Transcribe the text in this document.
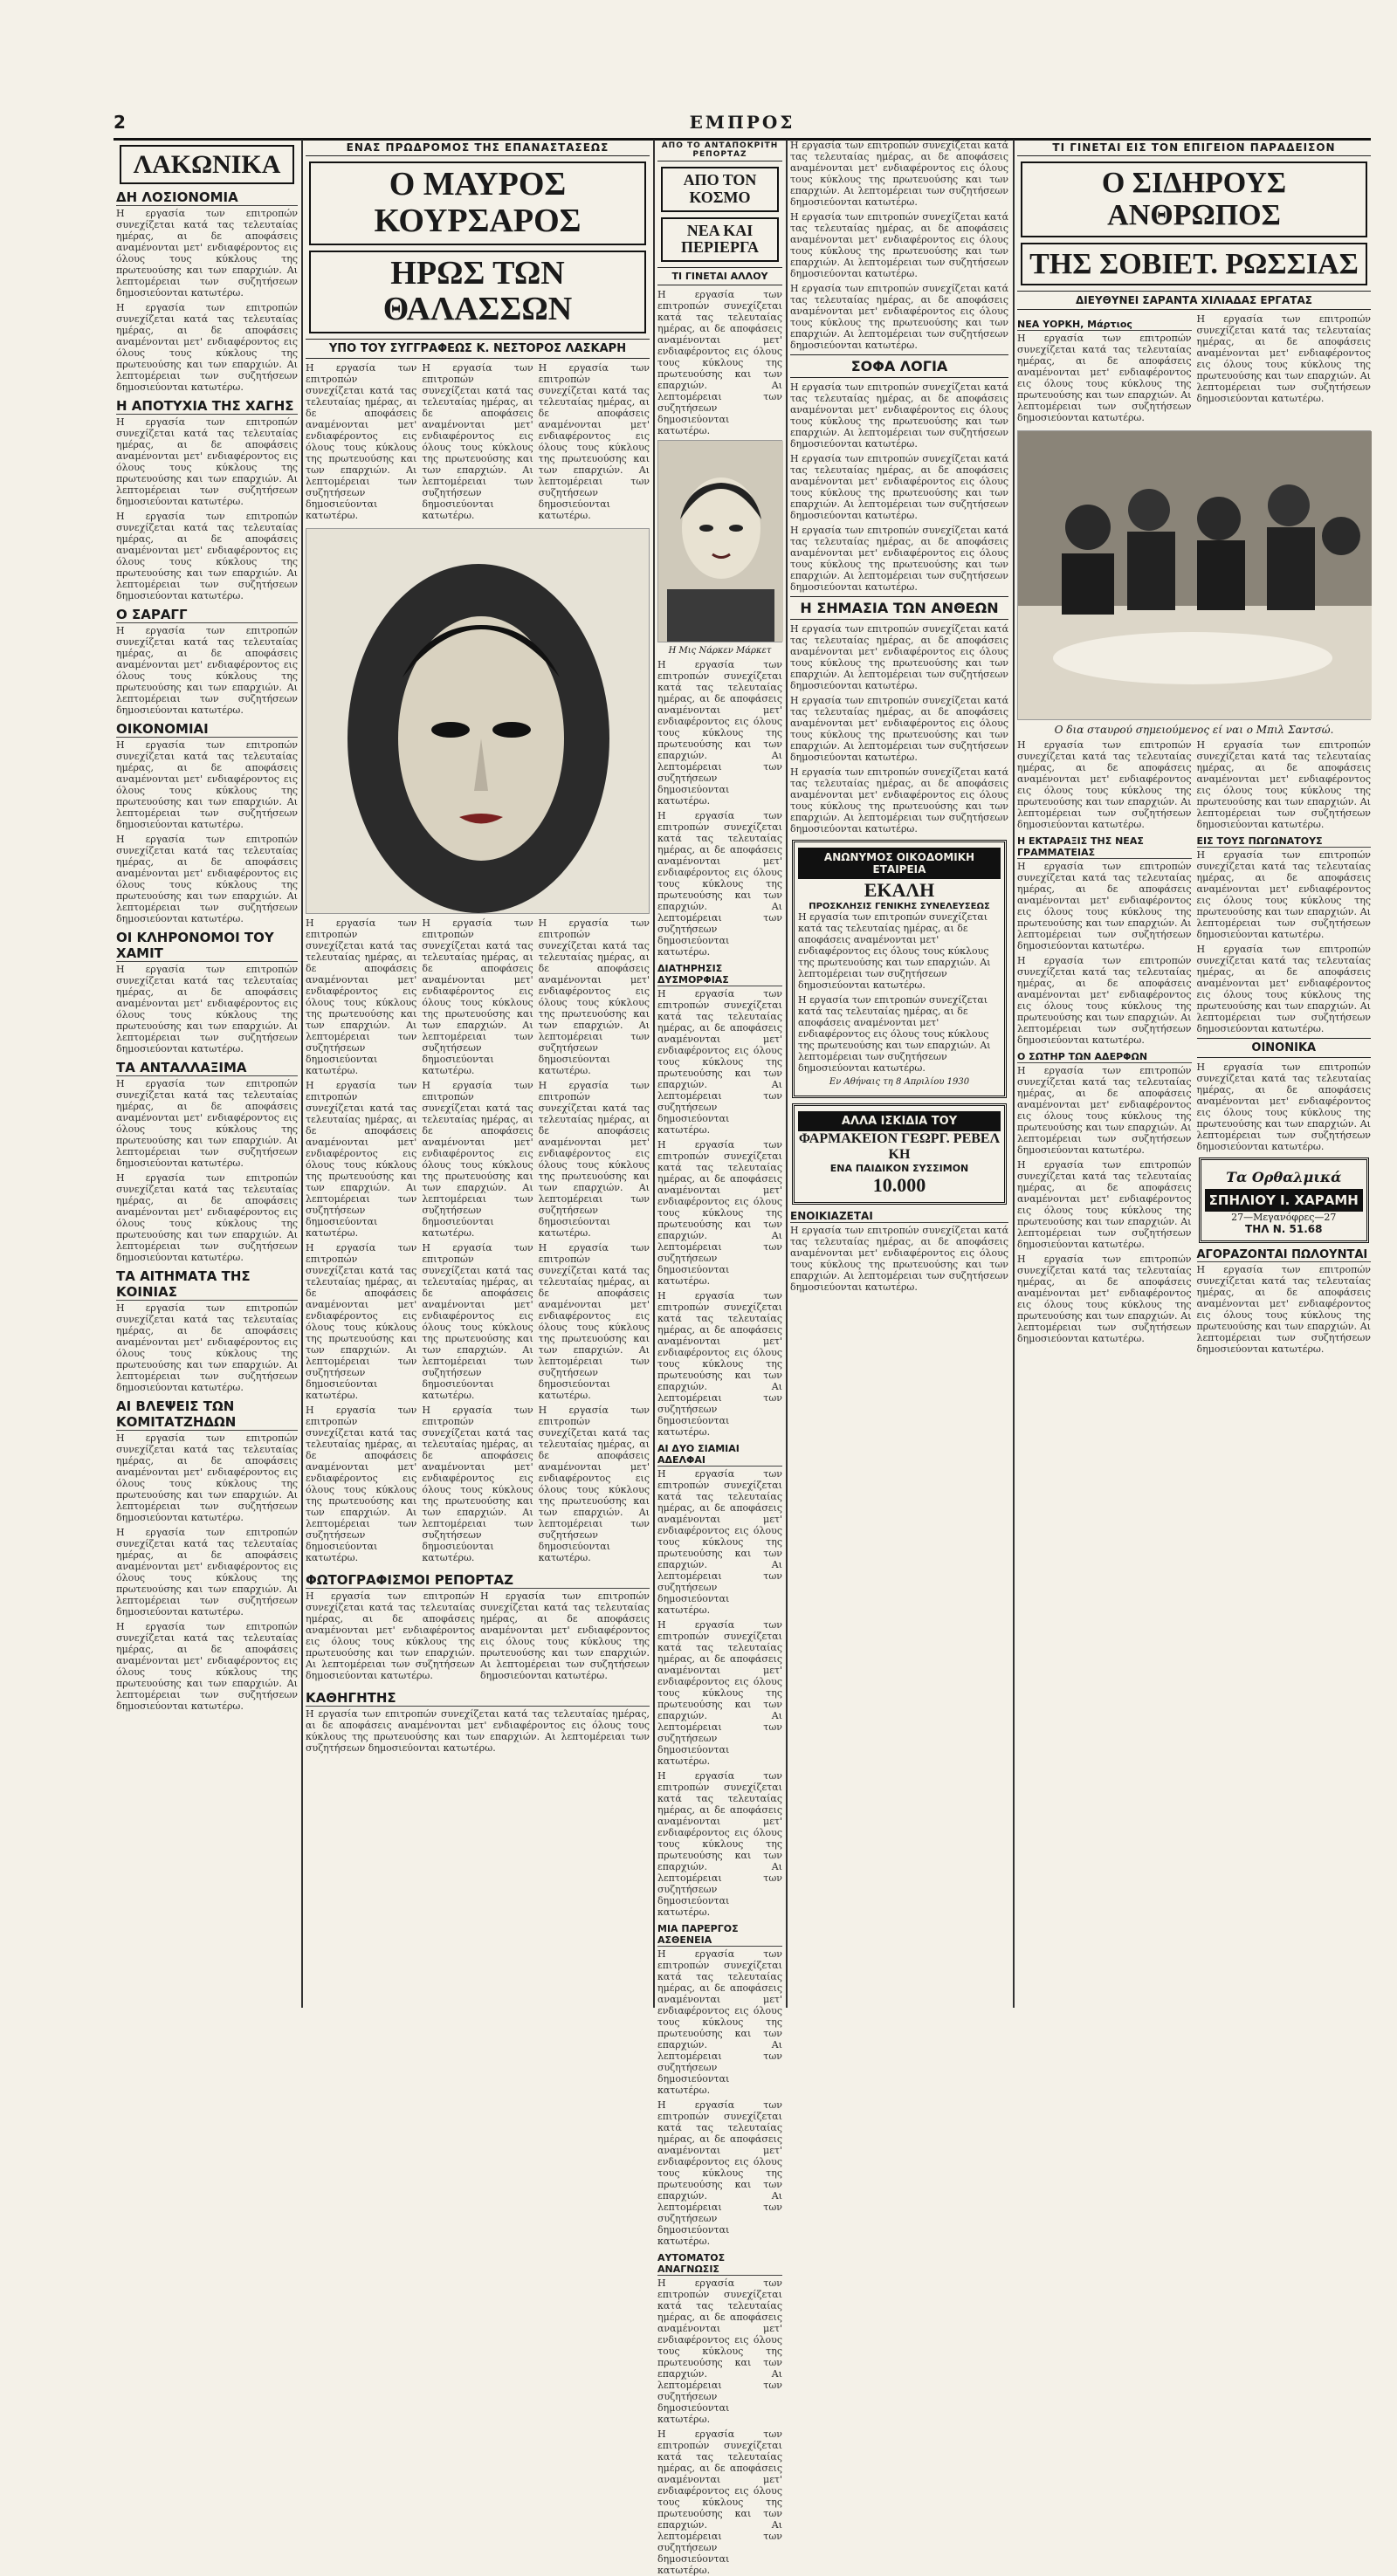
2	ΕΜΠΡΟΣ
ΛΑΚΩΝΙΚΑ
ΔΗ ΛΟΣΙΟΝΟΜΙΑ

Η εργασία των επιτροπών συνεχίζεται κατά τας τελευταίας ημέρας, αι δε αποφάσεις αναμένονται μετ' ενδιαφέροντος εις όλους τους κύκλους της πρωτευούσης και των επαρχιών. Αι λεπτομέρειαι των συζητήσεων δημοσιεύονται κατωτέρω.

Η εργασία των επιτροπών συνεχίζεται κατά τας τελευταίας ημέρας, αι δε αποφάσεις αναμένονται μετ' ενδιαφέροντος εις όλους τους κύκλους της πρωτευούσης και των επαρχιών. Αι λεπτομέρειαι των συζητήσεων δημοσιεύονται κατωτέρω.

Η ΑΠΟΤΥΧΙΑ ΤΗΣ ΧΑΓΗΣ

Η εργασία των επιτροπών συνεχίζεται κατά τας τελευταίας ημέρας, αι δε αποφάσεις αναμένονται μετ' ενδιαφέροντος εις όλους τους κύκλους της πρωτευούσης και των επαρχιών. Αι λεπτομέρειαι των συζητήσεων δημοσιεύονται κατωτέρω.

Η εργασία των επιτροπών συνεχίζεται κατά τας τελευταίας ημέρας, αι δε αποφάσεις αναμένονται μετ' ενδιαφέροντος εις όλους τους κύκλους της πρωτευούσης και των επαρχιών. Αι λεπτομέρειαι των συζητήσεων δημοσιεύονται κατωτέρω.

Ο ΣΑΡΑΓΓ

Η εργασία των επιτροπών συνεχίζεται κατά τας τελευταίας ημέρας, αι δε αποφάσεις αναμένονται μετ' ενδιαφέροντος εις όλους τους κύκλους της πρωτευούσης και των επαρχιών. Αι λεπτομέρειαι των συζητήσεων δημοσιεύονται κατωτέρω.

ΟΙΚΟΝΟΜΙΑΙ

Η εργασία των επιτροπών συνεχίζεται κατά τας τελευταίας ημέρας, αι δε αποφάσεις αναμένονται μετ' ενδιαφέροντος εις όλους τους κύκλους της πρωτευούσης και των επαρχιών. Αι λεπτομέρειαι των συζητήσεων δημοσιεύονται κατωτέρω.

Η εργασία των επιτροπών συνεχίζεται κατά τας τελευταίας ημέρας, αι δε αποφάσεις αναμένονται μετ' ενδιαφέροντος εις όλους τους κύκλους της πρωτευούσης και των επαρχιών. Αι λεπτομέρειαι των συζητήσεων δημοσιεύονται κατωτέρω.

ΟΙ ΚΛΗΡΟΝΟΜΟΙ ΤΟΥ ΧΑΜΙΤ

Η εργασία των επιτροπών συνεχίζεται κατά τας τελευταίας ημέρας, αι δε αποφάσεις αναμένονται μετ' ενδιαφέροντος εις όλους τους κύκλους της πρωτευούσης και των επαρχιών. Αι λεπτομέρειαι των συζητήσεων δημοσιεύονται κατωτέρω.

ΤΑ ΑΝΤΑΛΛΑΞΙΜΑ

Η εργασία των επιτροπών συνεχίζεται κατά τας τελευταίας ημέρας, αι δε αποφάσεις αναμένονται μετ' ενδιαφέροντος εις όλους τους κύκλους της πρωτευούσης και των επαρχιών. Αι λεπτομέρειαι των συζητήσεων δημοσιεύονται κατωτέρω.

Η εργασία των επιτροπών συνεχίζεται κατά τας τελευταίας ημέρας, αι δε αποφάσεις αναμένονται μετ' ενδιαφέροντος εις όλους τους κύκλους της πρωτευούσης και των επαρχιών. Αι λεπτομέρειαι των συζητήσεων δημοσιεύονται κατωτέρω.

ΤΑ ΑΙΤΗΜΑΤΑ ΤΗΣ ΚΟΙΝΙΑΣ

Η εργασία των επιτροπών συνεχίζεται κατά τας τελευταίας ημέρας, αι δε αποφάσεις αναμένονται μετ' ενδιαφέροντος εις όλους τους κύκλους της πρωτευούσης και των επαρχιών. Αι λεπτομέρειαι των συζητήσεων δημοσιεύονται κατωτέρω.

ΑΙ ΒΛΕΨΕΙΣ ΤΩΝ ΚΟΜΙΤΑΤΖΗΔΩΝ

Η εργασία των επιτροπών συνεχίζεται κατά τας τελευταίας ημέρας, αι δε αποφάσεις αναμένονται μετ' ενδιαφέροντος εις όλους τους κύκλους της πρωτευούσης και των επαρχιών. Αι λεπτομέρειαι των συζητήσεων δημοσιεύονται κατωτέρω.

Η εργασία των επιτροπών συνεχίζεται κατά τας τελευταίας ημέρας, αι δε αποφάσεις αναμένονται μετ' ενδιαφέροντος εις όλους τους κύκλους της πρωτευούσης και των επαρχιών. Αι λεπτομέρειαι των συζητήσεων δημοσιεύονται κατωτέρω.

Η εργασία των επιτροπών συνεχίζεται κατά τας τελευταίας ημέρας, αι δε αποφάσεις αναμένονται μετ' ενδιαφέροντος εις όλους τους κύκλους της πρωτευούσης και των επαρχιών. Αι λεπτομέρειαι των συζητήσεων δημοσιεύονται κατωτέρω.

ΕΝΑΣ ΠΡΩΔΡΟΜΟΣ ΤΗΣ ΕΠΑΝΑΣΤΑΣΕΩΣ
Ο ΜΑΥΡΟΣ ΚΟΥΡΣΑΡΟΣ
ΗΡΩΣ ΤΩΝ ΘΑΛΑΣΣΩΝ
ΥΠΟ ΤΟΥ ΣΥΓΓΡΑΦΕΩΣ Κ. ΝΕΣΤΟΡΟΣ ΛΑΣΚΑΡΗ

Η εργασία των επιτροπών συνεχίζεται κατά τας τελευταίας ημέρας, αι δε αποφάσεις αναμένονται μετ' ενδιαφέροντος εις όλους τους κύκλους της πρωτευούσης και των επαρχιών. Αι λεπτομέρειαι των συζητήσεων δημοσιεύονται κατωτέρω.

Η εργασία των επιτροπών συνεχίζεται κατά τας τελευταίας ημέρας, αι δε αποφάσεις αναμένονται μετ' ενδιαφέροντος εις όλους τους κύκλους της πρωτευούσης και των επαρχιών. Αι λεπτομέρειαι των συζητήσεων δημοσιεύονται κατωτέρω.

Η εργασία των επιτροπών συνεχίζεται κατά τας τελευταίας ημέρας, αι δε αποφάσεις αναμένονται μετ' ενδιαφέροντος εις όλους τους κύκλους της πρωτευούσης και των επαρχιών. Αι λεπτομέρειαι των συζητήσεων δημοσιεύονται κατωτέρω.

Η εργασία των επιτροπών συνεχίζεται κατά τας τελευταίας ημέρας, αι δε αποφάσεις αναμένονται μετ' ενδιαφέροντος εις όλους τους κύκλους της πρωτευούσης και των επαρχιών. Αι λεπτομέρειαι των συζητήσεων δημοσιεύονται κατωτέρω.

Η εργασία των επιτροπών συνεχίζεται κατά τας τελευταίας ημέρας, αι δε αποφάσεις αναμένονται μετ' ενδιαφέροντος εις όλους τους κύκλους της πρωτευούσης και των επαρχιών. Αι λεπτομέρειαι των συζητήσεων δημοσιεύονται κατωτέρω.

Η εργασία των επιτροπών συνεχίζεται κατά τας τελευταίας ημέρας, αι δε αποφάσεις αναμένονται μετ' ενδιαφέροντος εις όλους τους κύκλους της πρωτευούσης και των επαρχιών. Αι λεπτομέρειαι των συζητήσεων δημοσιεύονται κατωτέρω.

Η εργασία των επιτροπών συνεχίζεται κατά τας τελευταίας ημέρας, αι δε αποφάσεις αναμένονται μετ' ενδιαφέροντος εις όλους τους κύκλους της πρωτευούσης και των επαρχιών. Αι λεπτομέρειαι των συζητήσεων δημοσιεύονται κατωτέρω.

Η εργασία των επιτροπών συνεχίζεται κατά τας τελευταίας ημέρας, αι δε αποφάσεις αναμένονται μετ' ενδιαφέροντος εις όλους τους κύκλους της πρωτευούσης και των επαρχιών. Αι λεπτομέρειαι των συζητήσεων δημοσιεύονται κατωτέρω.

Η εργασία των επιτροπών συνεχίζεται κατά τας τελευταίας ημέρας, αι δε αποφάσεις αναμένονται μετ' ενδιαφέροντος εις όλους τους κύκλους της πρωτευούσης και των επαρχιών. Αι λεπτομέρειαι των συζητήσεων δημοσιεύονται κατωτέρω.

Η εργασία των επιτροπών συνεχίζεται κατά τας τελευταίας ημέρας, αι δε αποφάσεις αναμένονται μετ' ενδιαφέροντος εις όλους τους κύκλους της πρωτευούσης και των επαρχιών. Αι λεπτομέρειαι των συζητήσεων δημοσιεύονται κατωτέρω.

Η εργασία των επιτροπών συνεχίζεται κατά τας τελευταίας ημέρας, αι δε αποφάσεις αναμένονται μετ' ενδιαφέροντος εις όλους τους κύκλους της πρωτευούσης και των επαρχιών. Αι λεπτομέρειαι των συζητήσεων δημοσιεύονται κατωτέρω.

Η εργασία των επιτροπών συνεχίζεται κατά τας τελευταίας ημέρας, αι δε αποφάσεις αναμένονται μετ' ενδιαφέροντος εις όλους τους κύκλους της πρωτευούσης και των επαρχιών. Αι λεπτομέρειαι των συζητήσεων δημοσιεύονται κατωτέρω.

Η εργασία των επιτροπών συνεχίζεται κατά τας τελευταίας ημέρας, αι δε αποφάσεις αναμένονται μετ' ενδιαφέροντος εις όλους τους κύκλους της πρωτευούσης και των επαρχιών. Αι λεπτομέρειαι των συζητήσεων δημοσιεύονται κατωτέρω.

Η εργασία των επιτροπών συνεχίζεται κατά τας τελευταίας ημέρας, αι δε αποφάσεις αναμένονται μετ' ενδιαφέροντος εις όλους τους κύκλους της πρωτευούσης και των επαρχιών. Αι λεπτομέρειαι των συζητήσεων δημοσιεύονται κατωτέρω.

Η εργασία των επιτροπών συνεχίζεται κατά τας τελευταίας ημέρας, αι δε αποφάσεις αναμένονται μετ' ενδιαφέροντος εις όλους τους κύκλους της πρωτευούσης και των επαρχιών. Αι λεπτομέρειαι των συζητήσεων δημοσιεύονται κατωτέρω.

ΦΩΤΟΓΡΑΦΙΣΜΟΙ ΡΕΠΟΡΤΑΖ

Η εργασία των επιτροπών συνεχίζεται κατά τας τελευταίας ημέρας, αι δε αποφάσεις αναμένονται μετ' ενδιαφέροντος εις όλους τους κύκλους της πρωτευούσης και των επαρχιών. Αι λεπτομέρειαι των συζητήσεων δημοσιεύονται κατωτέρω.

Η εργασία των επιτροπών συνεχίζεται κατά τας τελευταίας ημέρας, αι δε αποφάσεις αναμένονται μετ' ενδιαφέροντος εις όλους τους κύκλους της πρωτευούσης και των επαρχιών. Αι λεπτομέρειαι των συζητήσεων δημοσιεύονται κατωτέρω.

ΚΑΘΗΓΗΤΗΣ

Η εργασία των επιτροπών συνεχίζεται κατά τας τελευταίας ημέρας, αι δε αποφάσεις αναμένονται μετ' ενδιαφέροντος εις όλους τους κύκλους της πρωτευούσης και των επαρχιών. Αι λεπτομέρειαι των συζητήσεων δημοσιεύονται κατωτέρω.

ΑΠΟ ΤΟ ΑΝΤΑΠΟΚΡΙΤΗ ΡΕΠΟΡΤΑΖ
ΑΠΟ ΤΟΝ ΚΟΣΜΟ
ΝΕΑ ΚΑΙ ΠΕΡΙΕΡΓΑ
ΤΙ ΓΙΝΕΤΑΙ ΑΛΛΟΥ

Η εργασία των επιτροπών συνεχίζεται κατά τας τελευταίας ημέρας, αι δε αποφάσεις αναμένονται μετ' ενδιαφέροντος εις όλους τους κύκλους της πρωτευούσης και των επαρχιών. Αι λεπτομέρειαι των συζητήσεων δημοσιεύονται κατωτέρω.

Η Μις Νάρκεν Μάρκετ

Η εργασία των επιτροπών συνεχίζεται κατά τας τελευταίας ημέρας, αι δε αποφάσεις αναμένονται μετ' ενδιαφέροντος εις όλους τους κύκλους της πρωτευούσης και των επαρχιών. Αι λεπτομέρειαι των συζητήσεων δημοσιεύονται κατωτέρω.

Η εργασία των επιτροπών συνεχίζεται κατά τας τελευταίας ημέρας, αι δε αποφάσεις αναμένονται μετ' ενδιαφέροντος εις όλους τους κύκλους της πρωτευούσης και των επαρχιών. Αι λεπτομέρειαι των συζητήσεων δημοσιεύονται κατωτέρω.

ΔΙΑΤΗΡΗΣΙΣ ΔΥΣΜΟΡΦΙΑΣ

Η εργασία των επιτροπών συνεχίζεται κατά τας τελευταίας ημέρας, αι δε αποφάσεις αναμένονται μετ' ενδιαφέροντος εις όλους τους κύκλους της πρωτευούσης και των επαρχιών. Αι λεπτομέρειαι των συζητήσεων δημοσιεύονται κατωτέρω.

Η εργασία των επιτροπών συνεχίζεται κατά τας τελευταίας ημέρας, αι δε αποφάσεις αναμένονται μετ' ενδιαφέροντος εις όλους τους κύκλους της πρωτευούσης και των επαρχιών. Αι λεπτομέρειαι των συζητήσεων δημοσιεύονται κατωτέρω.

Η εργασία των επιτροπών συνεχίζεται κατά τας τελευταίας ημέρας, αι δε αποφάσεις αναμένονται μετ' ενδιαφέροντος εις όλους τους κύκλους της πρωτευούσης και των επαρχιών. Αι λεπτομέρειαι των συζητήσεων δημοσιεύονται κατωτέρω.

ΑΙ ΔΥΟ ΣΙΑΜΙΑΙ ΑΔΕΛΦΑΙ

Η εργασία των επιτροπών συνεχίζεται κατά τας τελευταίας ημέρας, αι δε αποφάσεις αναμένονται μετ' ενδιαφέροντος εις όλους τους κύκλους της πρωτευούσης και των επαρχιών. Αι λεπτομέρειαι των συζητήσεων δημοσιεύονται κατωτέρω.

Η εργασία των επιτροπών συνεχίζεται κατά τας τελευταίας ημέρας, αι δε αποφάσεις αναμένονται μετ' ενδιαφέροντος εις όλους τους κύκλους της πρωτευούσης και των επαρχιών. Αι λεπτομέρειαι των συζητήσεων δημοσιεύονται κατωτέρω.

Η εργασία των επιτροπών συνεχίζεται κατά τας τελευταίας ημέρας, αι δε αποφάσεις αναμένονται μετ' ενδιαφέροντος εις όλους τους κύκλους της πρωτευούσης και των επαρχιών. Αι λεπτομέρειαι των συζητήσεων δημοσιεύονται κατωτέρω.

ΜΙΑ ΠΑΡΕΡΓΟΣ ΑΣΘΕΝΕΙΑ

Η εργασία των επιτροπών συνεχίζεται κατά τας τελευταίας ημέρας, αι δε αποφάσεις αναμένονται μετ' ενδιαφέροντος εις όλους τους κύκλους της πρωτευούσης και των επαρχιών. Αι λεπτομέρειαι των συζητήσεων δημοσιεύονται κατωτέρω.

Η εργασία των επιτροπών συνεχίζεται κατά τας τελευταίας ημέρας, αι δε αποφάσεις αναμένονται μετ' ενδιαφέροντος εις όλους τους κύκλους της πρωτευούσης και των επαρχιών. Αι λεπτομέρειαι των συζητήσεων δημοσιεύονται κατωτέρω.

ΑΥΤΟΜΑΤΟΣ ΑΝΑΓΝΩΣΙΣ

Η εργασία των επιτροπών συνεχίζεται κατά τας τελευταίας ημέρας, αι δε αποφάσεις αναμένονται μετ' ενδιαφέροντος εις όλους τους κύκλους της πρωτευούσης και των επαρχιών. Αι λεπτομέρειαι των συζητήσεων δημοσιεύονται κατωτέρω.

Η εργασία των επιτροπών συνεχίζεται κατά τας τελευταίας ημέρας, αι δε αποφάσεις αναμένονται μετ' ενδιαφέροντος εις όλους τους κύκλους της πρωτευούσης και των επαρχιών. Αι λεπτομέρειαι των συζητήσεων δημοσιεύονται κατωτέρω.

Η εργασία των επιτροπών συνεχίζεται κατά τας τελευταίας ημέρας, αι δε αποφάσεις αναμένονται μετ' ενδιαφέροντος εις όλους τους κύκλους της πρωτευούσης και των επαρχιών. Αι λεπτομέρειαι των συζητήσεων δημοσιεύονται κατωτέρω.

Η εργασία των επιτροπών συνεχίζεται κατά τας τελευταίας ημέρας, αι δε αποφάσεις αναμένονται μετ' ενδιαφέροντος εις όλους τους κύκλους της πρωτευούσης και των επαρχιών. Αι λεπτομέρειαι των συζητήσεων δημοσιεύονται κατωτέρω.

Η εργασία των επιτροπών συνεχίζεται κατά τας τελευταίας ημέρας, αι δε αποφάσεις αναμένονται μετ' ενδιαφέροντος εις όλους τους κύκλους της πρωτευούσης και των επαρχιών. Αι λεπτομέρειαι των συζητήσεων δημοσιεύονται κατωτέρω.

ΣΟΦΑ ΛΟΓΙΑ

Η εργασία των επιτροπών συνεχίζεται κατά τας τελευταίας ημέρας, αι δε αποφάσεις αναμένονται μετ' ενδιαφέροντος εις όλους τους κύκλους της πρωτευούσης και των επαρχιών. Αι λεπτομέρειαι των συζητήσεων δημοσιεύονται κατωτέρω.

Η εργασία των επιτροπών συνεχίζεται κατά τας τελευταίας ημέρας, αι δε αποφάσεις αναμένονται μετ' ενδιαφέροντος εις όλους τους κύκλους της πρωτευούσης και των επαρχιών. Αι λεπτομέρειαι των συζητήσεων δημοσιεύονται κατωτέρω.

Η εργασία των επιτροπών συνεχίζεται κατά τας τελευταίας ημέρας, αι δε αποφάσεις αναμένονται μετ' ενδιαφέροντος εις όλους τους κύκλους της πρωτευούσης και των επαρχιών. Αι λεπτομέρειαι των συζητήσεων δημοσιεύονται κατωτέρω.

Η ΣΗΜΑΣΙΑ ΤΩΝ ΑΝΘΕΩΝ

Η εργασία των επιτροπών συνεχίζεται κατά τας τελευταίας ημέρας, αι δε αποφάσεις αναμένονται μετ' ενδιαφέροντος εις όλους τους κύκλους της πρωτευούσης και των επαρχιών. Αι λεπτομέρειαι των συζητήσεων δημοσιεύονται κατωτέρω.

Η εργασία των επιτροπών συνεχίζεται κατά τας τελευταίας ημέρας, αι δε αποφάσεις αναμένονται μετ' ενδιαφέροντος εις όλους τους κύκλους της πρωτευούσης και των επαρχιών. Αι λεπτομέρειαι των συζητήσεων δημοσιεύονται κατωτέρω.

Η εργασία των επιτροπών συνεχίζεται κατά τας τελευταίας ημέρας, αι δε αποφάσεις αναμένονται μετ' ενδιαφέροντος εις όλους τους κύκλους της πρωτευούσης και των επαρχιών. Αι λεπτομέρειαι των συζητήσεων δημοσιεύονται κατωτέρω.

ΑΝΩΝΥΜΟΣ ΟΙΚΟΔΟΜΙΚΗ ΕΤΑΙΡΕΙΑ
ΕΚΑΛΗ
ΠΡΟΣΚΛΗΣΙΣ ΓΕΝΙΚΗΣ ΣΥΝΕΛΕΥΣΕΩΣ

Η εργασία των επιτροπών συνεχίζεται κατά τας τελευταίας ημέρας, αι δε αποφάσεις αναμένονται μετ' ενδιαφέροντος εις όλους τους κύκλους της πρωτευούσης και των επαρχιών. Αι λεπτομέρειαι των συζητήσεων δημοσιεύονται κατωτέρω.

Η εργασία των επιτροπών συνεχίζεται κατά τας τελευταίας ημέρας, αι δε αποφάσεις αναμένονται μετ' ενδιαφέροντος εις όλους τους κύκλους της πρωτευούσης και των επαρχιών. Αι λεπτομέρειαι των συζητήσεων δημοσιεύονται κατωτέρω.

Εν Αθήναις τη 8 Απριλίου 1930
ΑΛΛΑ ΙΣΚΙΔΙΑ ΤΟΥ
ΦΑΡΜΑΚΕΙΟΝ ΓΕΩΡΓ. ΡΕΒΕΛ ΚΗ
ΕΝΑ ΠΑΙΔΙΚΟΝ ΣΥΣΣΙΜΟΝ
10.000
ΕΝΟΙΚΙΑΖΕΤΑΙ

Η εργασία των επιτροπών συνεχίζεται κατά τας τελευταίας ημέρας, αι δε αποφάσεις αναμένονται μετ' ενδιαφέροντος εις όλους τους κύκλους της πρωτευούσης και των επαρχιών. Αι λεπτομέρειαι των συζητήσεων δημοσιεύονται κατωτέρω.

ΤΙ ΓΙΝΕΤΑΙ ΕΙΣ ΤΟΝ ΕΠΙΓΕΙΟΝ ΠΑΡΑΔΕΙΣΟΝ
Ο ΣΙΔΗΡΟΥΣ ΑΝΘΡΩΠΟΣ
ΤΗΣ ΣΟΒΙΕΤ. ΡΩΣΣΙΑΣ
ΔΙΕΥΘΥΝΕΙ ΣΑΡΑΝΤΑ ΧΙΛΙΑΔΑΣ ΕΡΓΑΤΑΣ
ΝΕΑ ΥΟΡΚΗ, Μάρτιος

Η εργασία των επιτροπών συνεχίζεται κατά τας τελευταίας ημέρας, αι δε αποφάσεις αναμένονται μετ' ενδιαφέροντος εις όλους τους κύκλους της πρωτευούσης και των επαρχιών. Αι λεπτομέρειαι των συζητήσεων δημοσιεύονται κατωτέρω.

Η εργασία των επιτροπών συνεχίζεται κατά τας τελευταίας ημέρας, αι δε αποφάσεις αναμένονται μετ' ενδιαφέροντος εις όλους τους κύκλους της πρωτευούσης και των επαρχιών. Αι λεπτομέρειαι των συζητήσεων δημοσιεύονται κατωτέρω.

Ο δια σταυρού σημειούμενος εί ναι ο Μπιλ Σαντσώ.

Η εργασία των επιτροπών συνεχίζεται κατά τας τελευταίας ημέρας, αι δε αποφάσεις αναμένονται μετ' ενδιαφέροντος εις όλους τους κύκλους της πρωτευούσης και των επαρχιών. Αι λεπτομέρειαι των συζητήσεων δημοσιεύονται κατωτέρω.

Η ΕΚΤΑΡΑΞΙΣ ΤΗΣ ΝΕΑΣ ΓΡΑΜΜΑΤΕΙΑΣ

Η εργασία των επιτροπών συνεχίζεται κατά τας τελευταίας ημέρας, αι δε αποφάσεις αναμένονται μετ' ενδιαφέροντος εις όλους τους κύκλους της πρωτευούσης και των επαρχιών. Αι λεπτομέρειαι των συζητήσεων δημοσιεύονται κατωτέρω.

Η εργασία των επιτροπών συνεχίζεται κατά τας τελευταίας ημέρας, αι δε αποφάσεις αναμένονται μετ' ενδιαφέροντος εις όλους τους κύκλους της πρωτευούσης και των επαρχιών. Αι λεπτομέρειαι των συζητήσεων δημοσιεύονται κατωτέρω.

Ο ΣΩΤΗΡ ΤΩΝ ΑΔΕΡΦΩΝ

Η εργασία των επιτροπών συνεχίζεται κατά τας τελευταίας ημέρας, αι δε αποφάσεις αναμένονται μετ' ενδιαφέροντος εις όλους τους κύκλους της πρωτευούσης και των επαρχιών. Αι λεπτομέρειαι των συζητήσεων δημοσιεύονται κατωτέρω.

Η εργασία των επιτροπών συνεχίζεται κατά τας τελευταίας ημέρας, αι δε αποφάσεις αναμένονται μετ' ενδιαφέροντος εις όλους τους κύκλους της πρωτευούσης και των επαρχιών. Αι λεπτομέρειαι των συζητήσεων δημοσιεύονται κατωτέρω.

Η εργασία των επιτροπών συνεχίζεται κατά τας τελευταίας ημέρας, αι δε αποφάσεις αναμένονται μετ' ενδιαφέροντος εις όλους τους κύκλους της πρωτευούσης και των επαρχιών. Αι λεπτομέρειαι των συζητήσεων δημοσιεύονται κατωτέρω.

Η εργασία των επιτροπών συνεχίζεται κατά τας τελευταίας ημέρας, αι δε αποφάσεις αναμένονται μετ' ενδιαφέροντος εις όλους τους κύκλους της πρωτευούσης και των επαρχιών. Αι λεπτομέρειαι των συζητήσεων δημοσιεύονται κατωτέρω.

ΕΙΣ ΤΟΥΣ ΠΩΓΩΝΑΤΟΥΣ

Η εργασία των επιτροπών συνεχίζεται κατά τας τελευταίας ημέρας, αι δε αποφάσεις αναμένονται μετ' ενδιαφέροντος εις όλους τους κύκλους της πρωτευούσης και των επαρχιών. Αι λεπτομέρειαι των συζητήσεων δημοσιεύονται κατωτέρω.

Η εργασία των επιτροπών συνεχίζεται κατά τας τελευταίας ημέρας, αι δε αποφάσεις αναμένονται μετ' ενδιαφέροντος εις όλους τους κύκλους της πρωτευούσης και των επαρχιών. Αι λεπτομέρειαι των συζητήσεων δημοσιεύονται κατωτέρω.

ΟΙΝΟΝΙΚΑ

Η εργασία των επιτροπών συνεχίζεται κατά τας τελευταίας ημέρας, αι δε αποφάσεις αναμένονται μετ' ενδιαφέροντος εις όλους τους κύκλους της πρωτευούσης και των επαρχιών. Αι λεπτομέρειαι των συζητήσεων δημοσιεύονται κατωτέρω.

Τα Ορθαλμικά
ΣΠΗΛΙΟΥ Ι. ΧΑΡΑΜΗ
27—Μεγανόφρες—27
ΤΗΛ Ν. 51.68
ΑΓΟΡΑΖΟΝΤΑΙ ΠΩΛΟΥΝΤΑΙ

Η εργασία των επιτροπών συνεχίζεται κατά τας τελευταίας ημέρας, αι δε αποφάσεις αναμένονται μετ' ενδιαφέροντος εις όλους τους κύκλους της πρωτευούσης και των επαρχιών. Αι λεπτομέρειαι των συζητήσεων δημοσιεύονται κατωτέρω.
